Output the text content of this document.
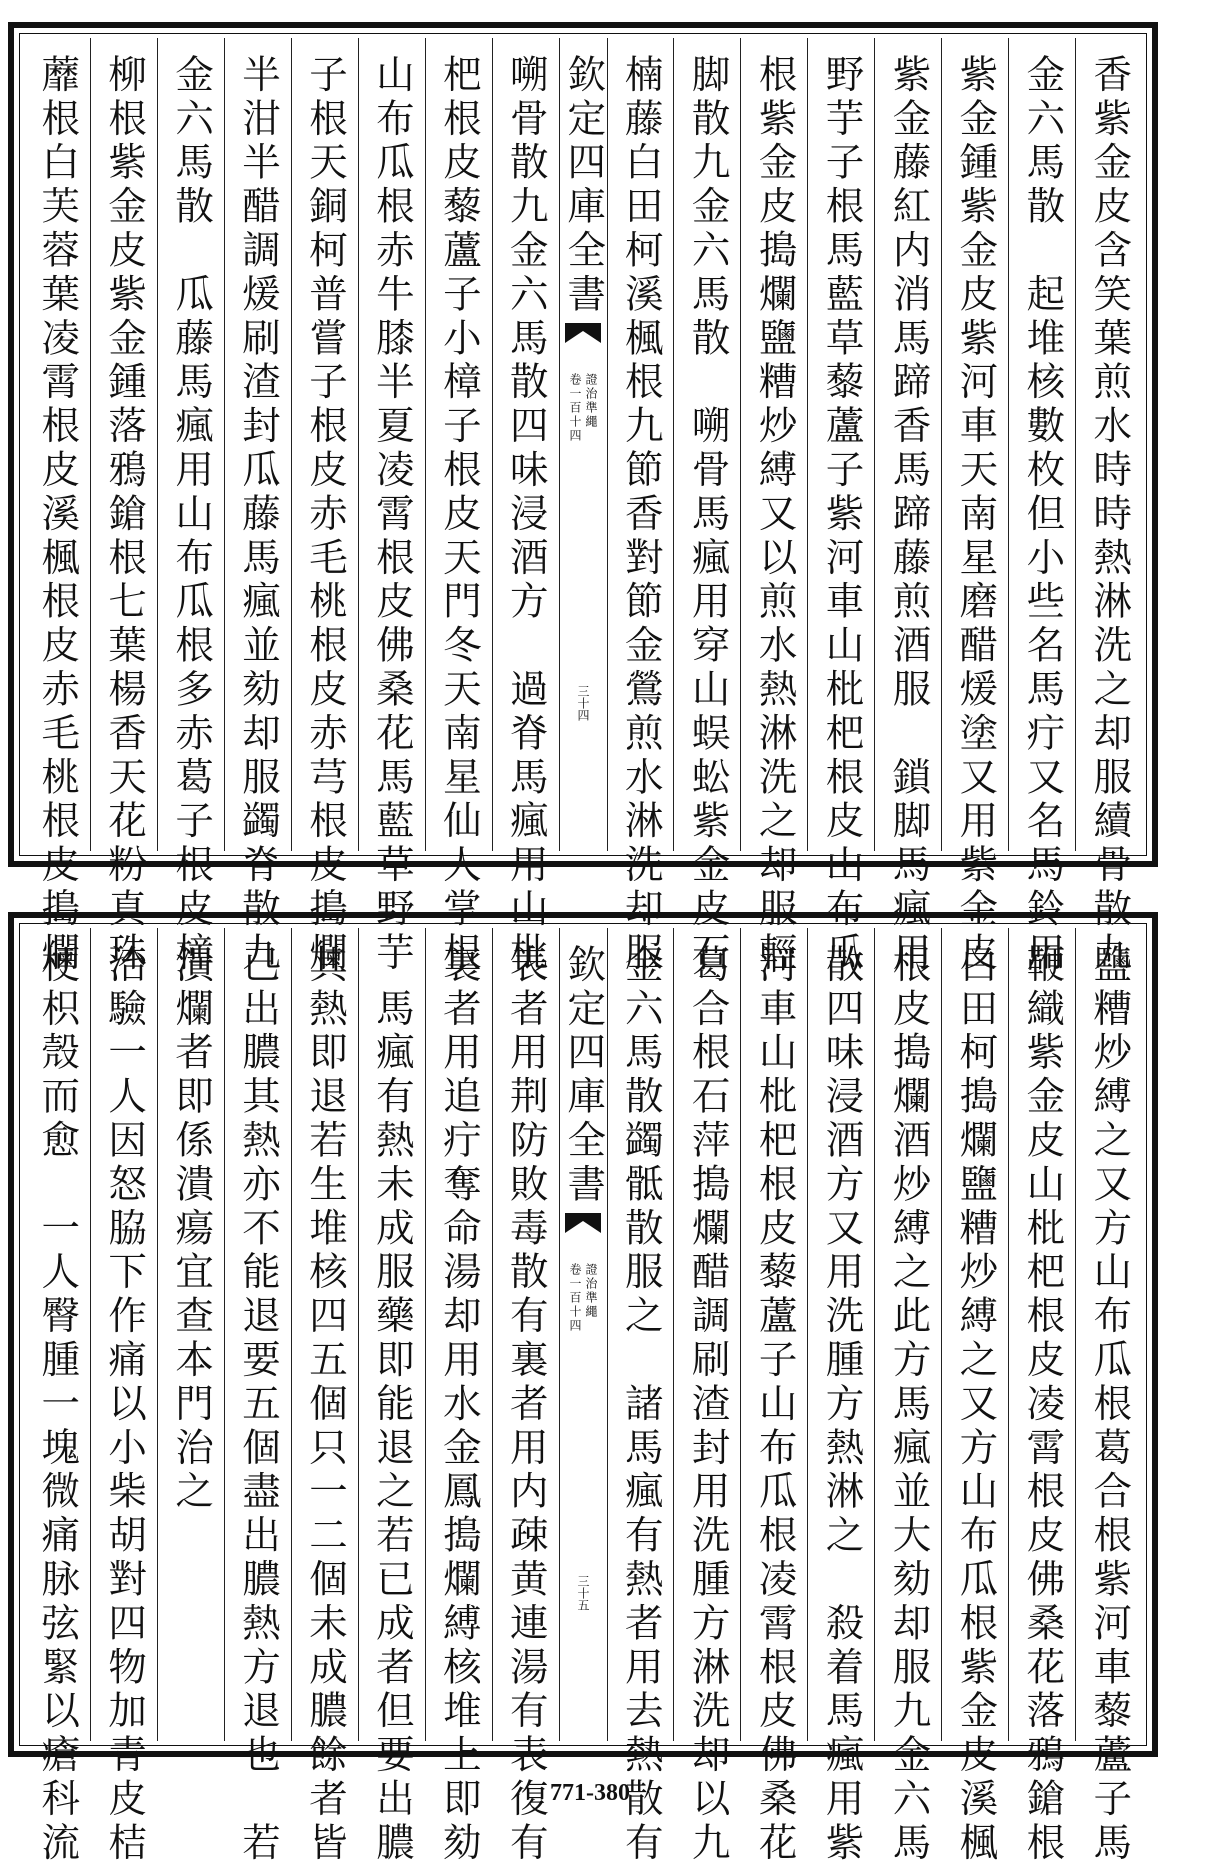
香紫金皮含笑葉煎水時時熱淋洗之却服續骨散九
金六馬散　起堆核數枚但小些名馬疔又名馬鈴用
紫金鍾紫金皮紫河車天南星磨醋煖塗又用紫金皮
紫金藤紅内消馬蹄香馬蹄藤煎酒服　鎖脚馬瘋用
野芋子根馬藍草藜蘆子紫河車山枇杷根皮山布瓜
根紫金皮搗爛鹽糟炒縛又以煎水熱淋洗之却服輕
脚散九金六馬散　嗍骨馬瘋用穿山蜈蚣紫金皮石
楠藤白田柯溪楓根九節香對節金鶯煎水淋洗却服
欽定四庫全書
證治準繩
卷一百十四
三十四
嗍骨散九金六馬散四味浸酒方　過脊馬瘋用山枇
杷根皮藜蘆子小樟子根皮天門冬天南星仙人掌根
山布瓜根赤牛膝半夏凌霄根皮佛桑花馬藍草野芋
子根天銅柯普嘗子根皮赤毛桃根皮赤芎根皮搗爛
半泔半醋調煖刷渣封瓜藤馬瘋並劾却服蠲脊散九
金六馬散　瓜藤馬瘋用山布瓜根多赤葛子根皮樟
柳根紫金皮紫金鍾落鴉鎗根七葉楊香天花粉真珠
蘼根白芙蓉葉凌霄根皮溪楓根皮赤毛桃根皮搗爛
鹽糟炒縛之又方山布瓜根葛合根紫河車藜蘆子馬
鞭織紫金皮山枇杷根皮凌霄根皮佛桑花落鴉鎗根
白田柯搗爛鹽糟炒縛之又方山布瓜根紫金皮溪楓
根皮搗爛酒炒縛之此方馬瘋並大劾却服九金六馬
散四味浸酒方又用洗腫方熱淋之　殺着馬瘋用紫
河車山枇杷根皮藜蘆子山布瓜根凌霄根皮佛桑花
葛合根石萍搗爛醋調刷渣封用洗腫方淋洗却以九
金六馬散蠲骶散服之　諸馬瘋有熱者用去熱散有
欽定四庫全書
證治準繩
卷一百十四
三十五
表者用荆防敗毒散有裏者用内疎黄連湯有表復有
裏者用追疔奪命湯却用水金鳳搗爛縛核堆上即劾
　馬瘋有熱未成服藥即能退之若已成者但要出膿
其熱即退若生堆核四五個只一二個未成膿餘者皆
已出膿其熱亦不能退要五個盡出膿熱方退也　若
潰爛者即係潰瘍宜查本門治之
治驗一人因怒脇下作痛以小柴胡對四物加青皮桔
梗枳殼而愈　一人臀腫一塊微痛脉弦緊以瘡科流	771-380
